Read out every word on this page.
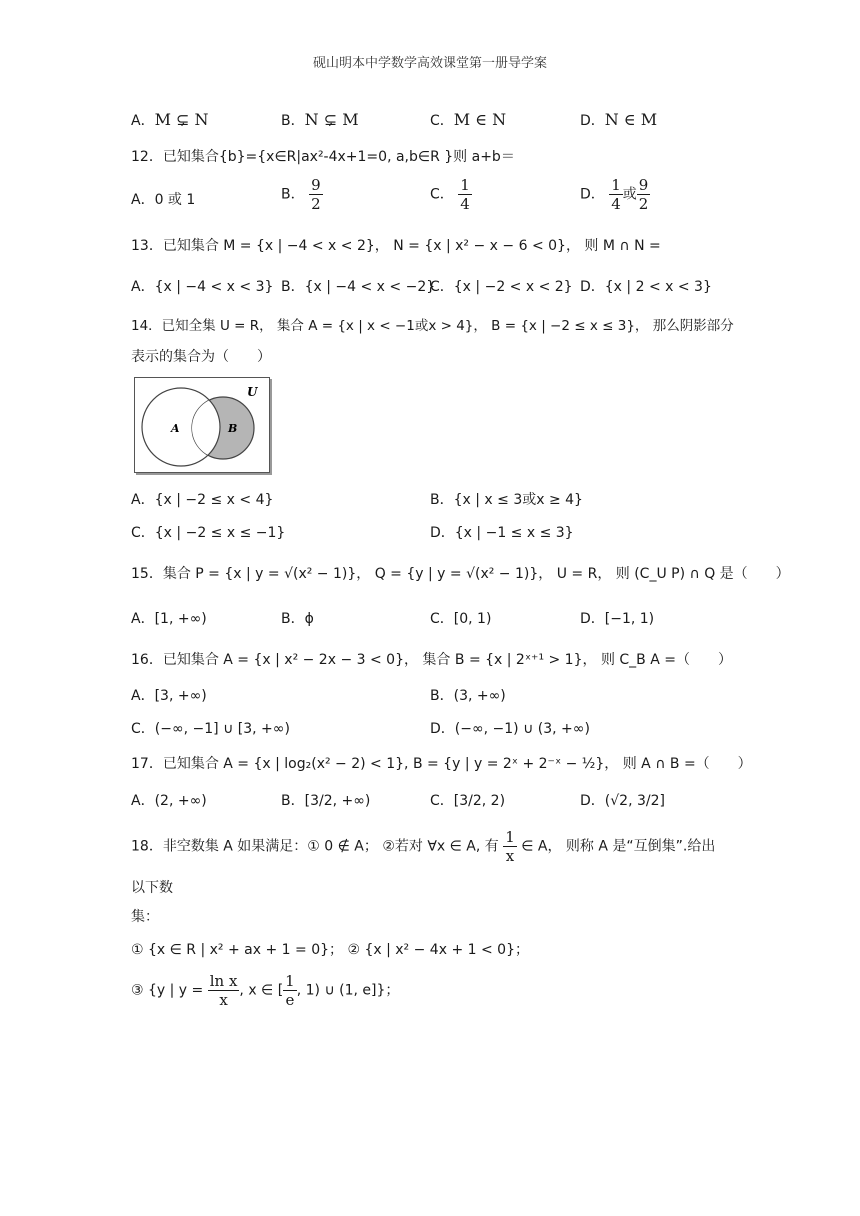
砚山明本中学数学高效课堂第一册导学案
A．M ⊊ N	B．N ⊊ M	C．M ∈ N	D．N ∈ M
12．已知集合{b}={x∈R|ax²-4x+1=0, a,b∈R }则 a+b＝
A．0 或 1	B． $\frac{9}{2}$	C． $\frac{1}{4}$	D． $\frac{1}{4}$ 或 $\frac{9}{2}$
13．已知集合 M = {x | −4 < x < 2}， N = {x | x² − x − 6 < 0}， 则 M ∩ N =
A．{x | −4 < x < 3} B．{x | −4 < x < −2}
C．{x | −2 < x < 2} D．{x | 2 < x < 3}
14．已知全集 U = R， 集合 A = {x | x < −1或x > 4}， B = {x | −2 ≤ x ≤ 3}， 那么阴影部分
表示的集合为（　　）
U
A	B
A．{x | −2 ≤ x < 4}	B．{x | x ≤ 3或x ≥ 4}
C．{x | −2 ≤ x ≤ −1}	D．{x | −1 ≤ x ≤ 3}
15．集合 P = {x | y = √(x² − 1)}， Q = {y | y = √(x² − 1)}， U = R， 则 (C_U P) ∩ Q 是（　　）
A．[1, +∞)	B．ϕ	C．[0, 1)	D．[−1, 1)
16．已知集合 A = {x | x² − 2x − 3 < 0}， 集合 B = {x | 2ˣ⁺¹ > 1}， 则 C_B A =（　　）
A．[3, +∞)	B．(3, +∞)
C．(−∞, −1] ∪ [3, +∞)	D．(−∞, −1) ∪ (3, +∞)
17．已知集合 A = {x | log₂(x² − 2) < 1}, B = {y | y = 2ˣ + 2⁻ˣ − ½}， 则 A ∩ B =（　　）
A．(2, +∞)	B．[3/2, +∞)	C．[3/2, 2)	D．(√2, 3/2]
18．非空数集 A 如果满足：① 0 ∉ A； ②若对 ∀x ∈ A, 有 $\frac{1}{x}$ ∈ A， 则称 A 是“互倒集”.给出
以下数
集：
① {x ∈ R | x² + ax + 1 = 0}； ② {x | x² − 4x + 1 < 0}；
③ {y | $y = \frac{\text{ln x}}{x}$ , x ∈ [ $\frac{1}{e}$ , 1) ∪ (1, e]}；
